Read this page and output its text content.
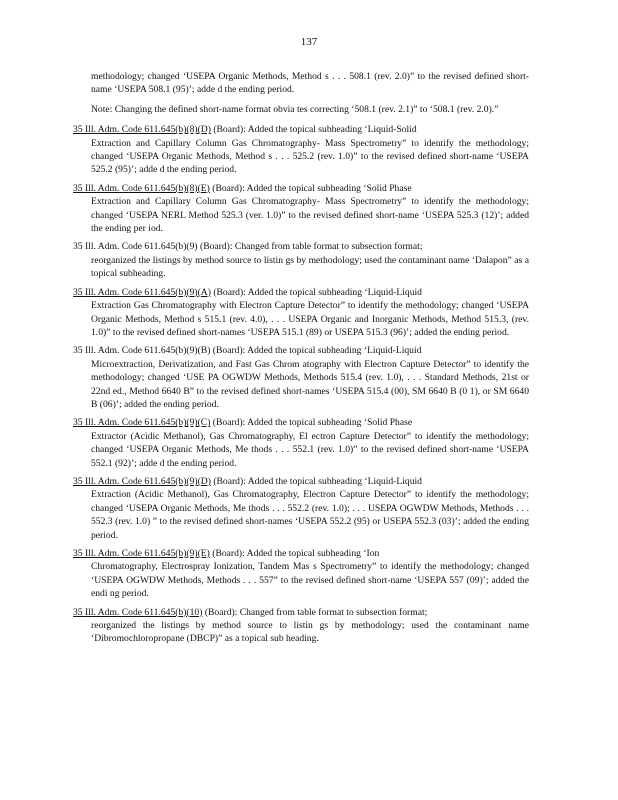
137

methodology; changed ‘USEPA Organic Methods, Method s . . . 508.1 (rev. 2.0)” to the revised defined short-name ‘USEPA 508.1 (95)’; adde d the ending period.

Note: Changing the defined short-name format obvia tes correcting ‘508.1 (rev. 2.1)” to ‘508.1 (rev. 2.0).”

35 Ill. Adm. Code 611.645(b)(8)(D) (Board): Added the topical subheading ‘Liquid-Solid
Extraction and Capillary Column Gas Chromatography- Mass Spectrometry” to identify the methodology; changed ‘USEPA Organic Methods, Method s . . . 525.2 (rev. 1.0)” to the revised defined short-name ‘USEPA 525.2 (95)’; adde d the ending period.
35 Ill. Adm. Code 611.645(b)(8)(E) (Board): Added the topical subheading ‘Solid Phase
Extraction and Capillary Column Gas Chromatography- Mass Spectrometry” to identify the methodology; changed ‘USEPA NERL Method 525.3 (ver. 1.0)” to the revised defined short-name ‘USEPA 525.3 (12)’; added the ending per iod.
35 Ill. Adm. Code 611.645(b)(9) (Board): Changed from table format to subsection format;
reorganized the listings by method source to listin gs by methodology; used the contaminant name ‘Dalapon” as a topical subheading.
35 Ill. Adm. Code 611.645(b)(9)(A) (Board): Added the topical subheading ‘Liquid-Liquid
Extraction Gas Chromatography with Electron Capture Detector” to identify the methodology; changed ‘USEPA Organic Methods, Method s 515.1 (rev. 4.0), . . . USEPA Organic and Inorganic Methods, Method 515.3, (rev. 1.0)” to the revised defined short-names ‘USEPA 515.1 (89) or USEPA 515.3 (96)’; added the ending period.
35 Ill. Adm. Code 611.645(b)(9)(B) (Board): Added the topical subheading ‘Liquid-Liquid
Microextraction, Derivatization, and Fast Gas Chrom atography with Electron Capture Detector” to identify the methodology; changed ‘USE PA OGWDW Methods, Methods 515.4 (rev. 1.0), . . . Standard Methods, 21st or 22nd ed., Method 6640 B” to the revised defined short-names ‘USEPA 515.4 (00), SM 6640 B (0 1), or SM 6640 B (06)’; added the ending period.
35 Ill. Adm. Code 611.645(b)(9)(C) (Board): Added the topical subheading ‘Solid Phase
Extractor (Acidic Methanol), Gas Chromatography, El ectron Capture Detector” to identify the methodology; changed ‘USEPA Organic Methods, Me thods . . . 552.1 (rev. 1.0)” to the revised defined short-name ‘USEPA 552.1 (92)’; adde d the ending period.
35 Ill. Adm. Code 611.645(b)(9)(D) (Board): Added the topical subheading ‘Liquid-Liquid
Extraction (Acidic Methanol), Gas Chromatography, Electron Capture Detector” to identify the methodology; changed ‘USEPA Organic Methods, Me thods . . . 552.2 (rev. 1.0); . . . USEPA OGWDW Methods, Methods . . . 552.3 (rev. 1.0) ” to the revised defined short-names ‘USEPA 552.2 (95) or USEPA 552.3 (03)’; added the ending period.
35 Ill. Adm. Code 611.645(b)(9)(E) (Board): Added the topical subheading ‘Ion
Chromatography, Electrospray Ionization, Tandem Mas s Spectrometry” to identify the methodology; changed ‘USEPA OGWDW Methods, Methods . . . 557” to the revised defined short-name ‘USEPA 557 (09)’; added the endi ng period.
35 Ill. Adm. Code 611.645(b)(10) (Board): Changed from table format to subsection format;
reorganized the listings by method source to listin gs by methodology; used the contaminant name ‘Dibromochloropropane (DBCP)” as a topical sub heading.
